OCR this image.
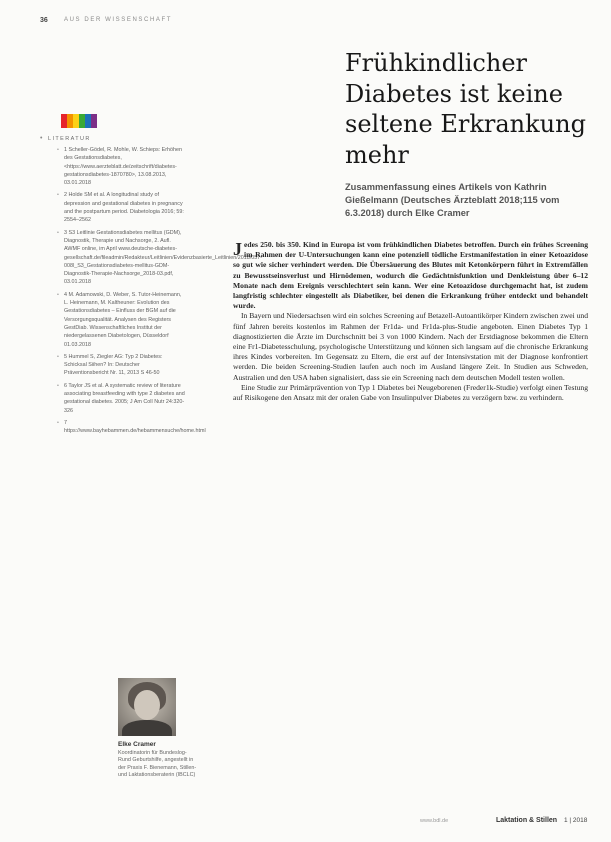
36	AUS DER WISSENSCHAFT
• LITERATUR
• 1 Scheller-Gödel, R. Mohle, W. Schieps: Erhöhen des Gestationsdiabetes, <https://www.aerzteblatt.de/zeitschrift/diabetes-gestationsdiabetes-1870780>, 13.08.2013, 03.01.2018
• 2 Holde SM et al. A longitudinal study of depression and gestational diabetes in pregnancy and the postpartum period. Diabetologia 2016; 59: 2554–2562
• 3 S3 Leitlinie Gestationsdiabetes mellitus (GDM), Diagnostik, Therapie und Nachsorge, 2. Aufl. AWMF online, im April www.deutsche-diabetes-gesellschaft.de/fileadmin/Redakteur/Leitlinien/Evidenzbasierte_Leitlinien/2018/057-008l_S3_Gestationsdiabetes-mellitus-GDM-Diagnostik-Therapie-Nachsorge_2018-03.pdf, 03.01.2018
• 4 M. Adamowski, D. Weber, S. Tutor-Heinemann, L. Heinemann, M. Kaltheuner: Evolution des Gestationsdiabetes – Einfluss der BGM auf die Versorgungsqualität. Analysen des Registers GestDiab. Wissenschaftliches Institut der niedergelassenen Diabetologen, Düsseldorf 01.03.2018
• 5 Hummel S, Ziegler AG: Typ 2 Diabetes: Schicksal Siihen? In: Deutscher Präventionsbericht Nr. 11, 2013 S 46-50
• 6 Taylor JS et al. A systematic review of literature associating breastfeeding with type 2 diabetes and gestational diabetes. 2005; J Am Coll Nutr 24:320-326
• 7 https://www.bayhebammen.de/hebammensuche/home.html
Elke Cramer

Koordinatorin für Bundeslog-Rund Geburtshilfe, angestellt in der Praxis F. Bienemann, Stillen- und Laktationsberaterin (IBCLC)

Frühkindlicher Diabetes ist keine seltene Erkrankung mehr

Zusammenfassung eines Artikels von Kathrin Gießelmann (Deutsches Ärzteblatt 2018;115 vom 6.3.2018) durch Elke Cramer

Jedes 250. bis 350. Kind in Europa ist vom frühkindlichen Diabetes betroffen. Durch ein frühes Screening im Rahmen der U-Untersuchungen kann eine potenziell tödliche Erstmanifestation in einer Ketoazidose so gut wie sicher verhindert werden. Die Übersäuerung des Blutes mit Ketonkörpern führt in Extremfällen zu Bewusstseinsverlust und Hirnödemen, wodurch die Gedächtnisfunktion und Denkleistung über 6–12 Monate nach dem Ereignis verschlechtert sein kann. Wer eine Ketoazidose durchgemacht hat, ist zudem langfristig schlechter eingestellt als Diabetiker, bei denen die Erkrankung früher entdeckt und behandelt wurde.

In Bayern und Niedersachsen wird ein solches Screening auf Betazell-Autoantikörper Kindern zwischen zwei und fünf Jahren bereits kostenlos im Rahmen der Fr1da- und Fr1da-plus-Studie angeboten. Einen Diabetes Typ 1 diagnostizierten die Ärzte im Durchschnitt bei 3 von 1000 Kindern. Nach der Erstdiagnose bekommen die Eltern eine Fr1-Diabetesschulung, psychologische Unterstützung und können sich langsam auf die chronische Erkrankung ihres Kindes vorbereiten. Im Gegensatz zu Eltern, die erst auf der Intensivstation mit der Diagnose konfrontiert werden. Die beiden Screening-Studien laufen auch noch im Ausland längere Zeit. In Studien aus Schweden, Australien und den USA haben signalisiert, dass sie ein Screening nach dem deutschen Modell testen wollen.

Eine Studie zur Primärprävention von Typ 1 Diabetes bei Neugeborenen (Freder1k-Studie) verfolgt einen Testung auf Risikogene den Ansatz mit der oralen Gabe von Insulinpulver Diabetes zu verzögern bzw. zu verhindern.

www.bdl.de	Laktation & Stillen 1 | 2018
